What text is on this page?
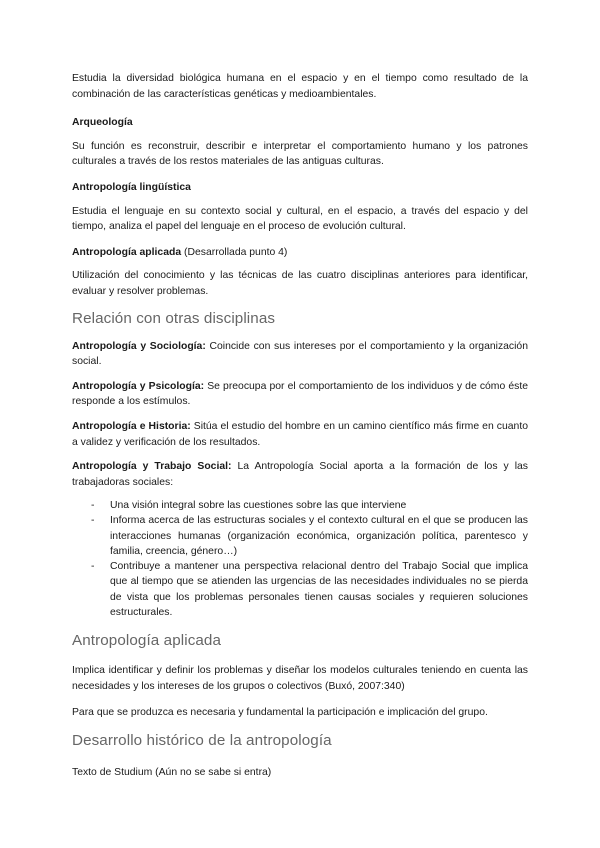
Estudia la diversidad biológica humana en el espacio y en el tiempo como resultado de la combinación de las características genéticas y medioambientales.

Arqueología

Su función es reconstruir, describir e interpretar el comportamiento humano y los patrones culturales a través de los restos materiales de las antiguas culturas.

Antropología lingüística

Estudia el lenguaje en su contexto social y cultural, en el espacio, a través del espacio y del tiempo, analiza el papel del lenguaje en el proceso de evolución cultural.

Antropología aplicada (Desarrollada punto 4)

Utilización del conocimiento y las técnicas de las cuatro disciplinas anteriores para identificar, evaluar y resolver problemas.

Relación con otras disciplinas

Antropología y Sociología: Coincide con sus intereses por el comportamiento y la organización social.

Antropología y Psicología: Se preocupa por el comportamiento de los individuos y de cómo éste responde a los estímulos.

Antropología e Historia: Sitúa el estudio del hombre en un camino científico más firme en cuanto a validez y verificación de los resultados.

Antropología y Trabajo Social: La Antropología Social aporta a la formación de los y las trabajadoras sociales:

- Una visión integral sobre las cuestiones sobre las que interviene
- Informa acerca de las estructuras sociales y el contexto cultural en el que se producen las interacciones humanas (organización económica, organización política, parentesco y familia, creencia, género…)
- Contribuye a mantener una perspectiva relacional dentro del Trabajo Social que implica que al tiempo que se atienden las urgencias de las necesidades individuales no se pierda de vista que los problemas personales tienen causas sociales y requieren soluciones estructurales.
Antropología aplicada

Implica identificar y definir los problemas y diseñar los modelos culturales teniendo en cuenta las necesidades y los intereses de los grupos o colectivos (Buxó, 2007:340)

Para que se produzca es necesaria y fundamental la participación e implicación del grupo.

Desarrollo histórico de la antropología

Texto de Studium (Aún no se sabe si entra)
